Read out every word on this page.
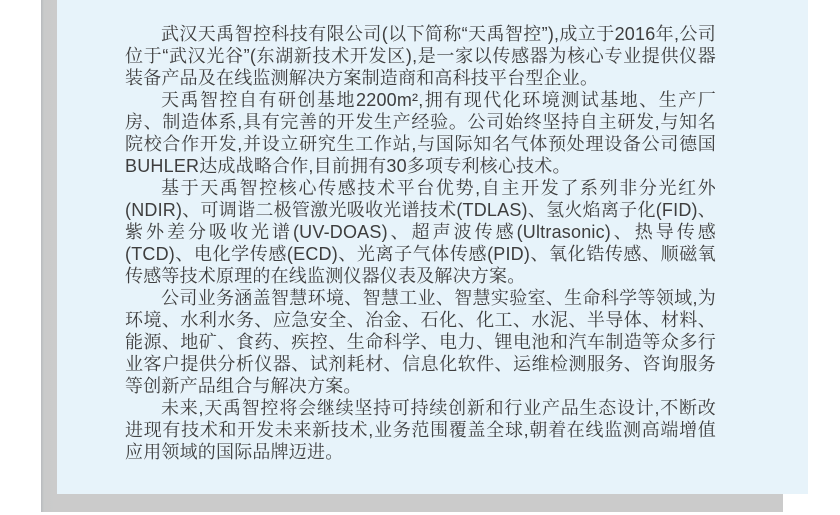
武汉天禹智控科技有限公司(以下简称“天禹智控”),成立于2016年,公司位于“武汉光谷”(东湖新技术开发区),是一家以传感器为核心专业提供仪器装备产品及在线监测解决方案制造商和高科技平台型企业。

天禹智控自有研创基地2200m²,拥有现代化环境测试基地、生产厂房、制造体系,具有完善的开发生产经验。公司始终坚持自主研发,与知名院校合作开发,并设立研究生工作站,与国际知名气体预处理设备公司德国BUHLER达成战略合作,目前拥有30多项专利核心技术。

基于天禹智控核心传感技术平台优势,自主开发了系列非分光红外(NDIR)、可调谐二极管激光吸收光谱技术(TDLAS)、氢火焰离子化(FID)、紫外差分吸收光谱(UV-DOAS)、超声波传感(Ultrasonic)、热导传感(TCD)、电化学传感(ECD)、光离子气体传感(PID)、氧化锆传感、顺磁氧传感等技术原理的在线监测仪器仪表及解决方案。

公司业务涵盖智慧环境、智慧工业、智慧实验室、生命科学等领域,为环境、水利水务、应急安全、冶金、石化、化工、水泥、半导体、材料、能源、地矿、食药、疾控、生命科学、电力、锂电池和汽车制造等众多行业客户提供分析仪器、试剂耗材、信息化软件、运维检测服务、咨询服务等创新产品组合与解决方案。

未来,天禹智控将会继续坚持可持续创新和行业产品生态设计,不断改进现有技术和开发未来新技术,业务范围覆盖全球,朝着在线监测高端增值应用领域的国际品牌迈进。
